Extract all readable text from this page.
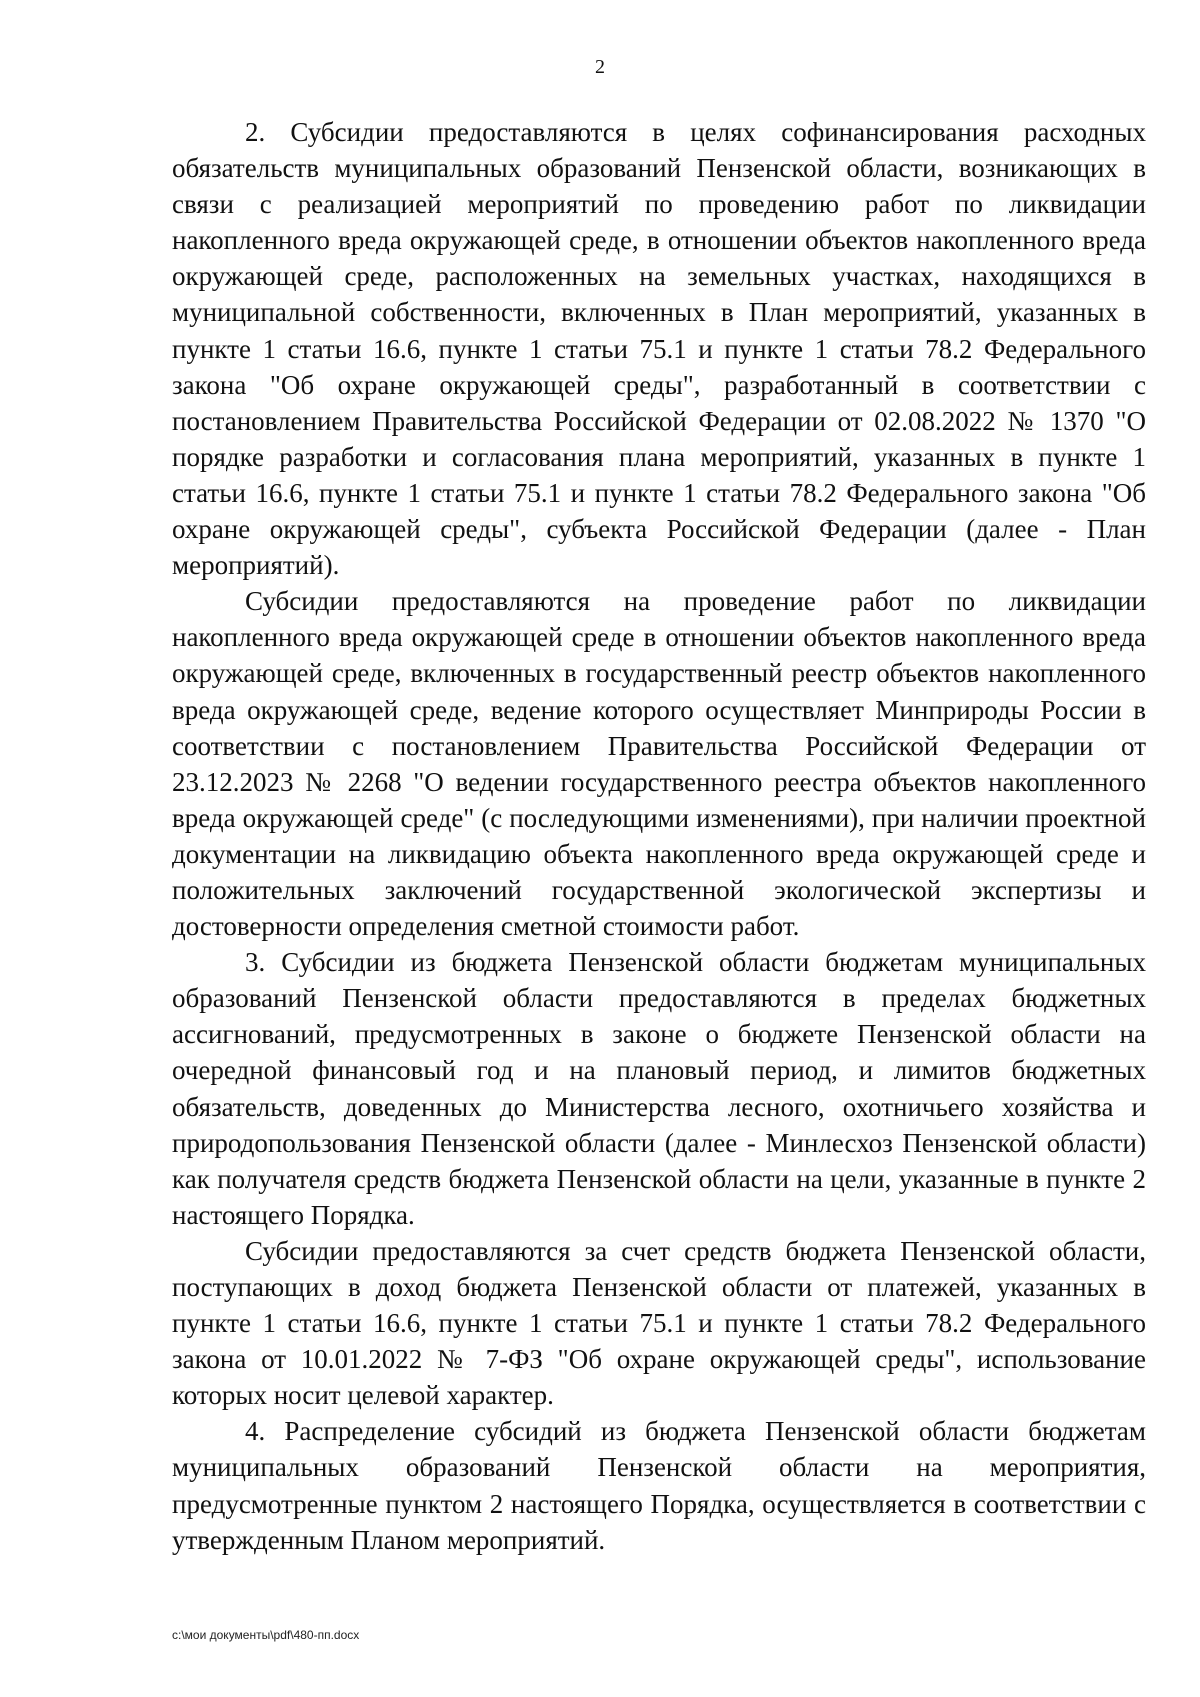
2

2. Субсидии предоставляются в целях софинансирования расходных обязательств муниципальных образований Пензенской области, возникающих в связи с реализацией мероприятий по проведению работ по ликвидации накопленного вреда окружающей среде, в отношении объектов накопленного вреда окружающей среде, расположенных на земельных участках, находящихся в муниципальной собственности, включенных в План мероприятий, указанных в пункте 1 статьи 16.6, пункте 1 статьи 75.1 и пункте 1 статьи 78.2 Федерального закона "Об охране окружающей среды", разработанный в соответствии с постановлением Правительства Российской Федерации от 02.08.2022 № 1370 "О порядке разработки и согласования плана мероприятий, указанных в пункте 1 статьи 16.6, пункте 1 статьи 75.1 и пункте 1 статьи 78.2 Федерального закона "Об охране окружающей среды", субъекта Российской Федерации (далее - План мероприятий).

Субсидии предоставляются на проведение работ по ликвидации накопленного вреда окружающей среде в отношении объектов накопленного вреда окружающей среде, включенных в государственный реестр объектов накопленного вреда окружающей среде, ведение которого осуществляет Минприроды России в соответствии с постановлением Правительства Российской Федерации от 23.12.2023 № 2268 "О ведении государственного реестра объектов накопленного вреда окружающей среде" (с последующими изменениями), при наличии проектной документации на ликвидацию объекта накопленного вреда окружающей среде и положительных заключений государственной экологической экспертизы и достоверности определения сметной стоимости работ.

3. Субсидии из бюджета Пензенской области бюджетам муниципальных образований Пензенской области предоставляются в пределах бюджетных ассигнований, предусмотренных в законе о бюджете Пензенской области на очередной финансовый год и на плановый период, и лимитов бюджетных обязательств, доведенных до Министерства лесного, охотничьего хозяйства и природопользования Пензенской области (далее - Минлесхоз Пензенской области) как получателя средств бюджета Пензенской области на цели, указанные в пункте 2 настоящего Порядка.

Субсидии предоставляются за счет средств бюджета Пензенской области, поступающих в доход бюджета Пензенской области от платежей, указанных в пункте 1 статьи 16.6, пункте 1 статьи 75.1 и пункте 1 статьи 78.2 Федерального закона от 10.01.2022 № 7-ФЗ "Об охране окружающей среды", использование которых носит целевой характер.

4. Распределение субсидий из бюджета Пензенской области бюджетам муниципальных образований Пензенской области на мероприятия, предусмотренные пунктом 2 настоящего Порядка, осуществляется в соответствии с утвержденным Планом мероприятий.

c:\мои документы\pdf\480-пп.docx
